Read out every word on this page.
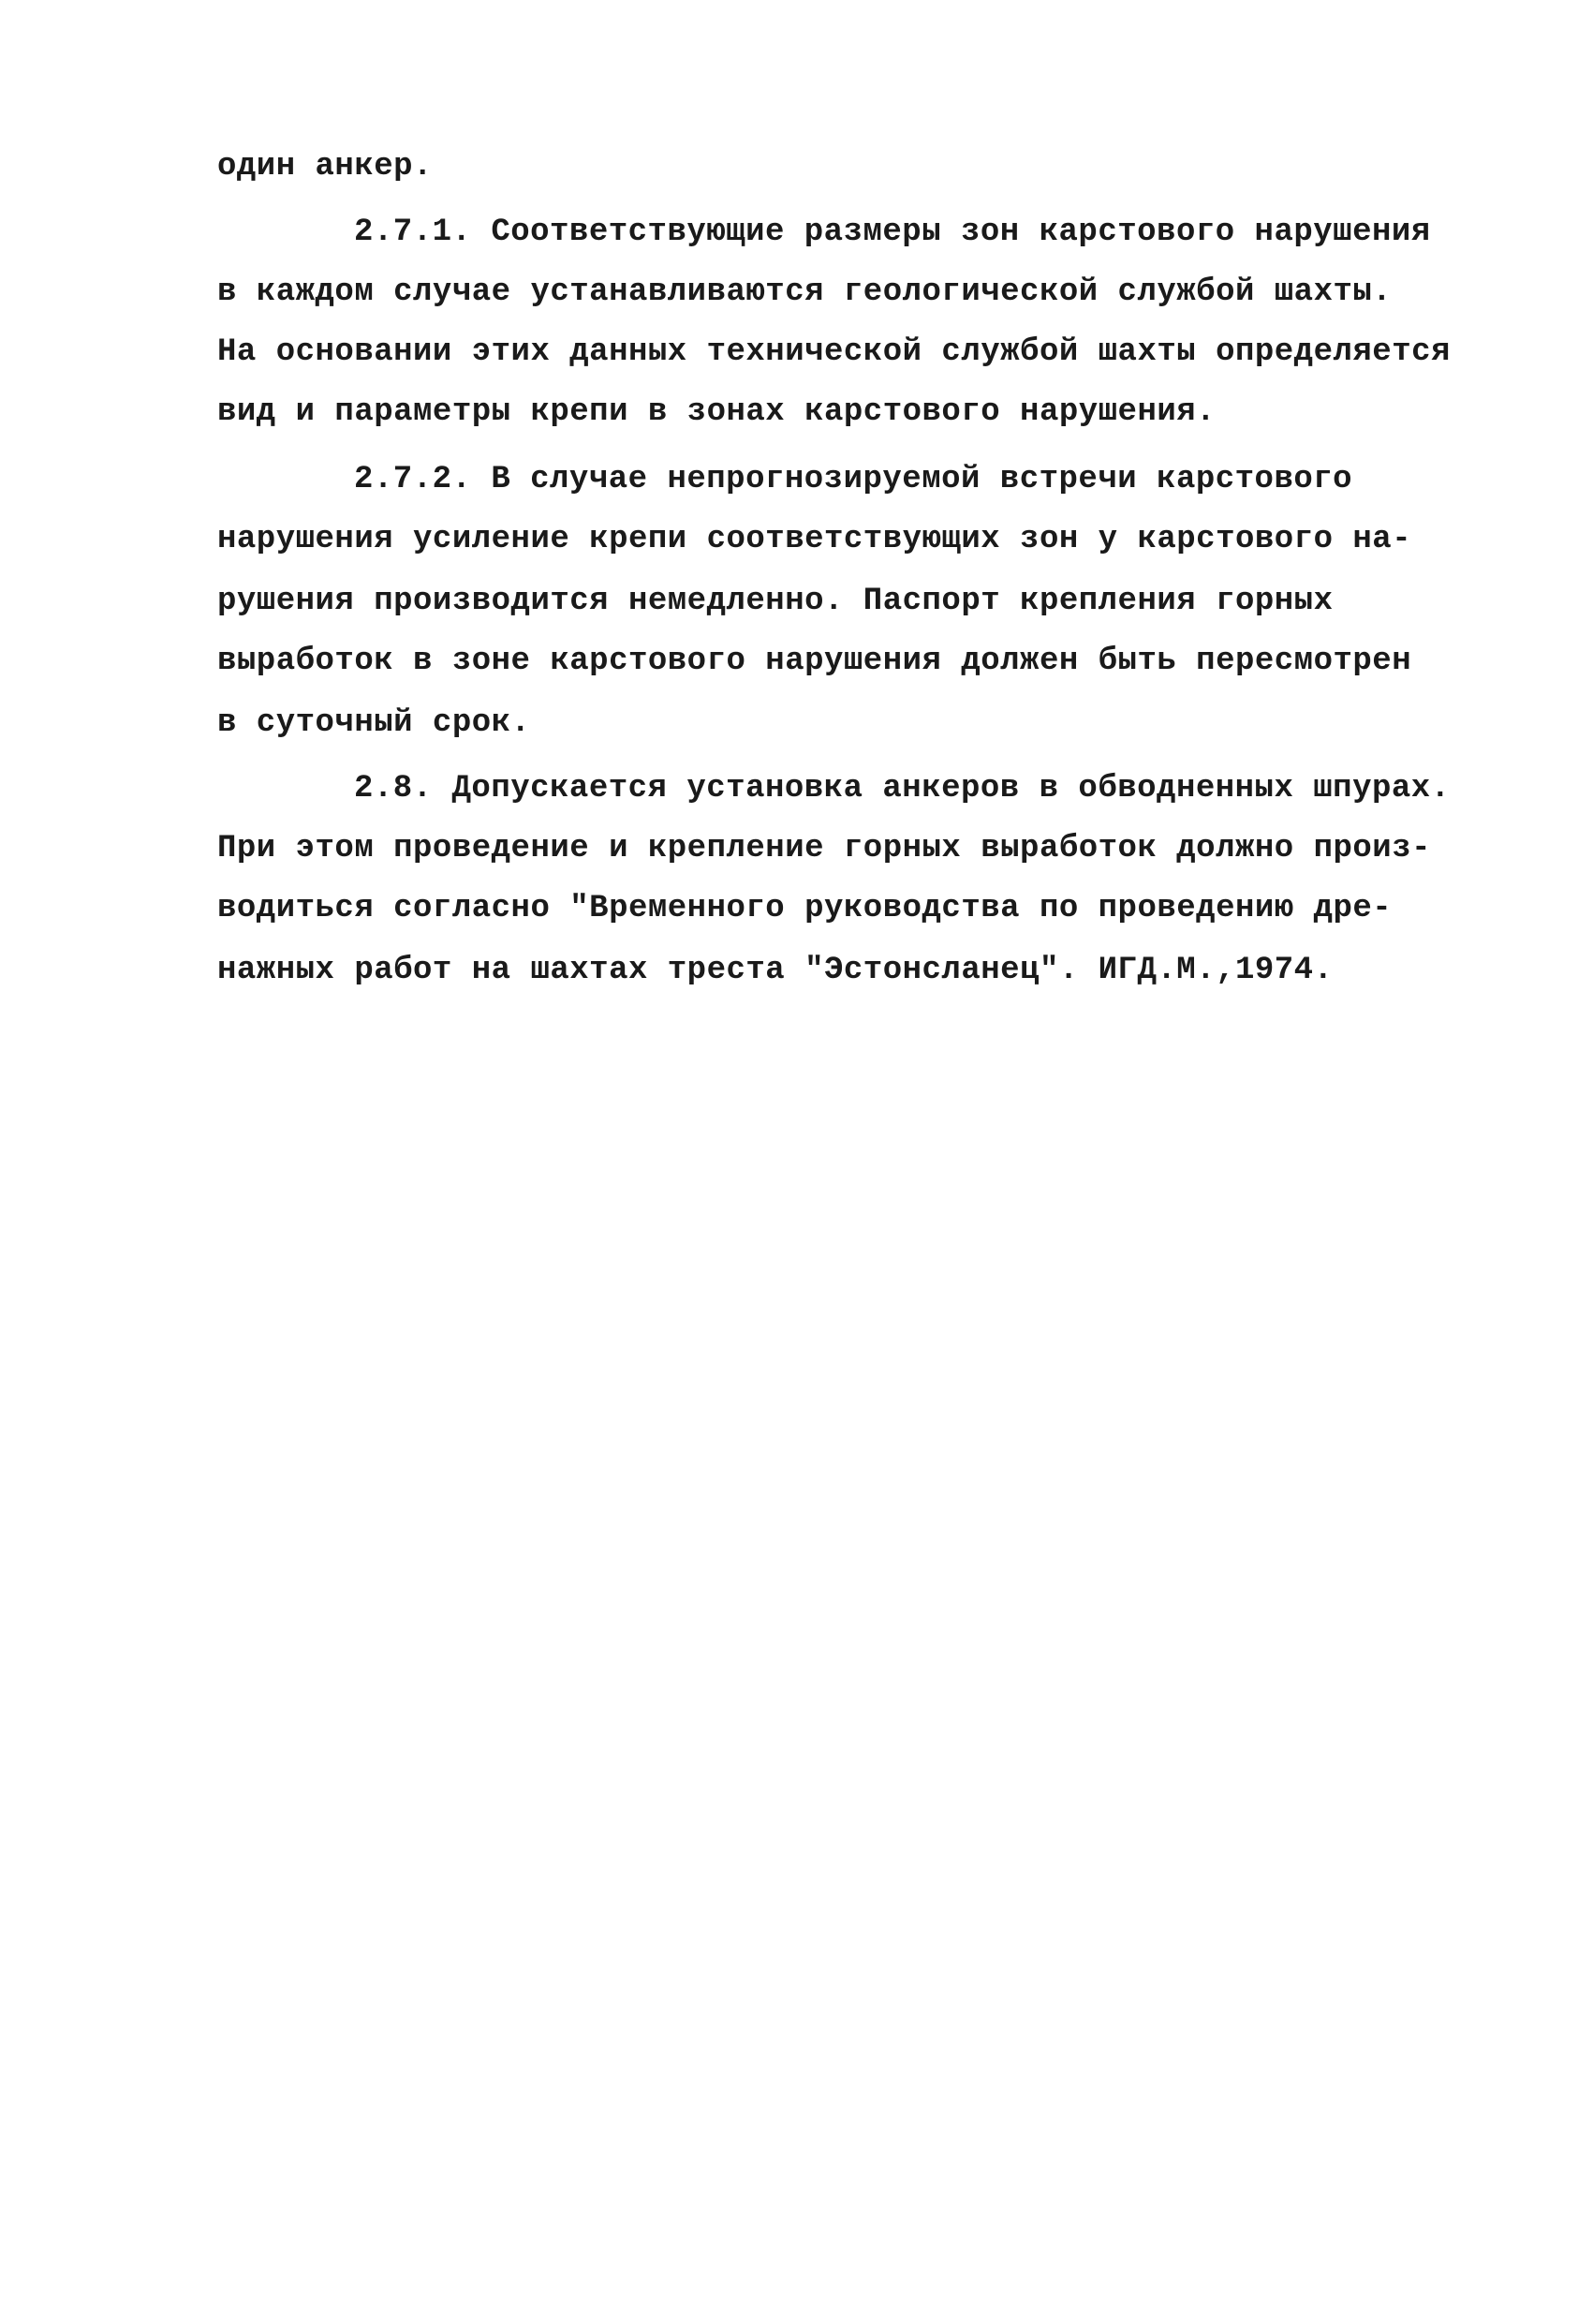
один анкер.
2.7.1. Соответствующие размеры зон карстового нарушения
в каждом случае устанавливаются геологической службой шахты.
На основании этих данных технической службой шахты определяется
вид и параметры крепи в зонах карстового нарушения.
2.7.2. В случае непрогнозируемой встречи карстового
нарушения усиление крепи соответствующих зон у карстового на-
рушения производится немедленно. Паспорт крепления горных
выработок в зоне карстового нарушения должен быть пересмотрен
в суточный срок.
2.8. Допускается установка анкеров в обводненных шпурах.
При этом проведение и крепление горных выработок должно произ-
водиться согласно "Временного руководства по проведению дре-
нажных работ на шахтах треста "Эстонсланец". ИГД.М.,1974.
